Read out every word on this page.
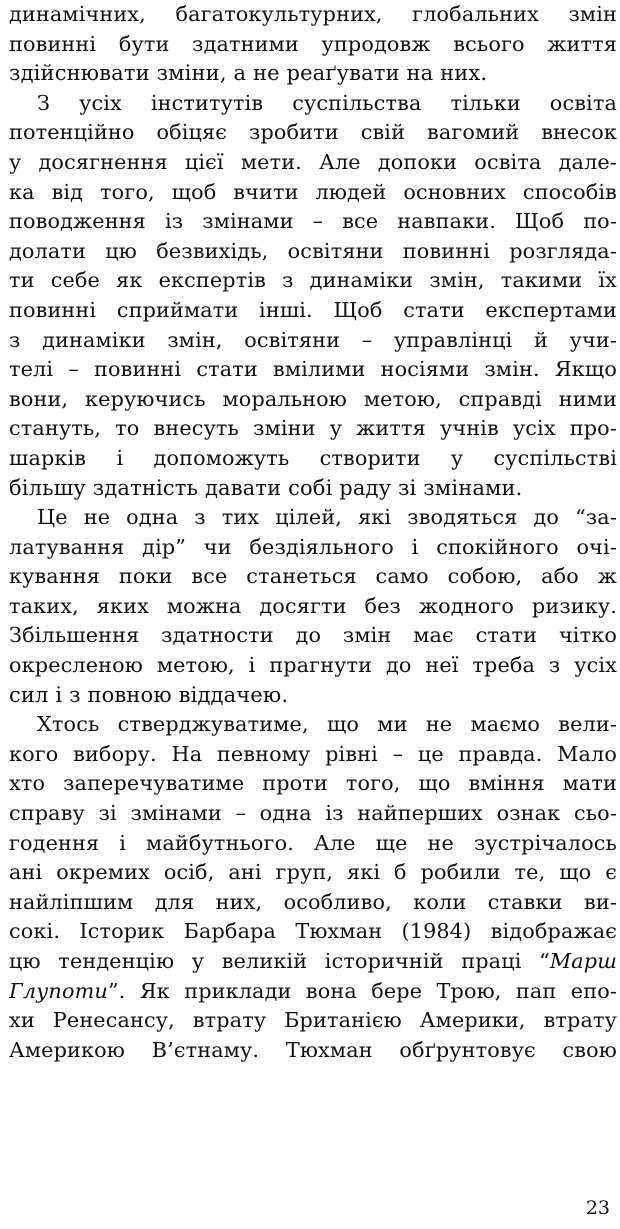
динамічних, багатокультурних, глобальних змін
повинні бути здатними упродовж всього життя
здійснювати зміни, а не реаґувати на них.
З усіх інститутів суспільства тільки освіта
потенційно обіцяє зробити свій вагомий внесок
у досягнення цієї мети. Але допоки освіта дале-
ка від того, щоб вчити людей основних способів
поводження із змінами – все навпаки. Щоб по-
долати цю безвихідь, освітяни повинні розгляда-
ти себе як експертів з динаміки змін, такими їх
повинні сприймати інші. Щоб стати експертами
з динаміки змін, освітяни – управлінці й учи-
телі – повинні стати вмілими носіями змін. Якщо
вони, керуючись моральною метою, справді ними
стануть, то внесуть зміни у життя учнів усіх про-
шарків і допоможуть створити у суспільстві
більшу здатність давати собі раду зі змінами.
Це не одна з тих цілей, які зводяться до “за-
латування дір” чи бездіяльного і спокійного очі-
кування поки все станеться само собою, або ж
таких, яких можна досягти без жодного ризику.
Збільшення здатности до змін має стати чітко
окресленою метою, і прагнути до неї треба з усіх
сил і з повною віддачею.
Хтось стверджуватиме, що ми не маємо вели-
кого вибору. На певному рівні – це правда. Мало
хто заперечуватиме проти того, що вміння мати
справу зі змінами – одна із найперших ознак сьо-
годення і майбутнього. Але ще не зустрічалось
ані окремих осіб, ані груп, які б робили те, що є
найліпшим для них, особливо, коли ставки ви-
сокі. Історик Барбара Тюхман (1984) відображає
цю тенденцію у великій історичній праці “Марш
Глупоти”. Як приклади вона бере Трою, пап епо-
хи Ренесансу, втрату Британією Америки, втрату
Америкою В’єтнаму. Тюхман обґрунтовує свою
23
